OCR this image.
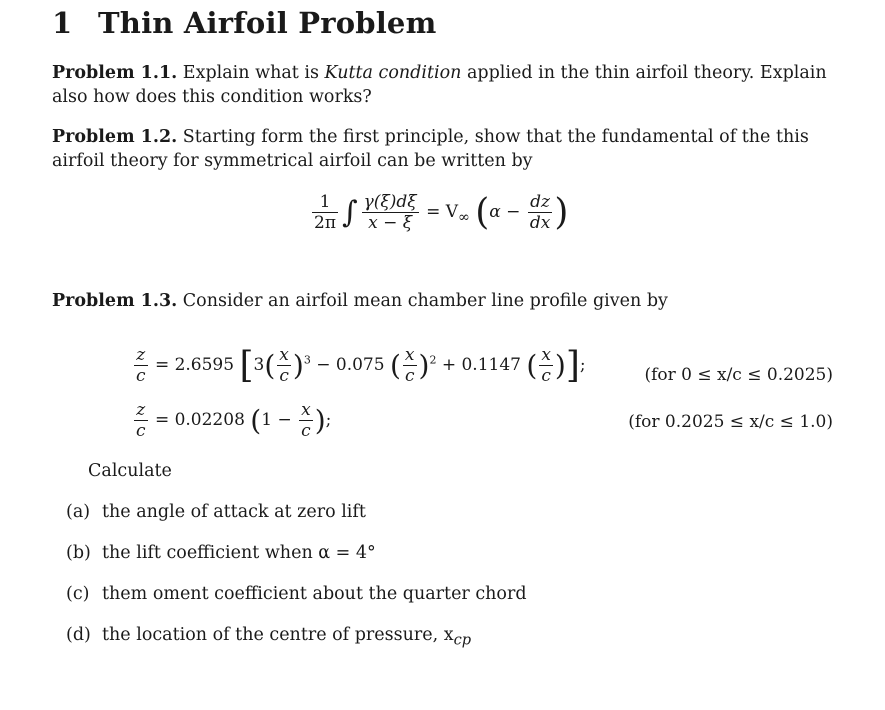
1 Thin Airfoil Problem
Problem 1.1. Explain what is Kutta condition applied in the thin airfoil theory. Explain also how does this condition works?
Problem 1.2. Starting form the first principle, show that the fundamental of the this airfoil theory for symmetrical airfoil can be written by
$\frac{1}{2\pi}$ ∫ $\frac{\gamma(\xi)d\xi}{x - \xi} = V_\infty$ ($\alpha - \frac{dz}{dx}$ )
Problem 1.3. Consider an airfoil mean chamber line profile given by
$\frac{z}{c} = 2.6595$ [$3( \frac{x}{c} )^3 - 0.075$ ( $\frac{x}{c} )^2 + 0.1147$ ( $\frac{x}{c}$ )];	(for 0 ≤ x/c ≤ 0.2025)
$\frac{z}{c} = 0.02208$ ($1 - \frac{x}{c}$ );	(for 0.2025 ≤ x/c ≤ 1.0)
Calculate
(a) the angle of attack at zero lift
(b) the lift coefficient when α = 4°
(c) them oment coefficient about the quarter chord
(d) the location of the centre of pressure, $x_{cp}$
